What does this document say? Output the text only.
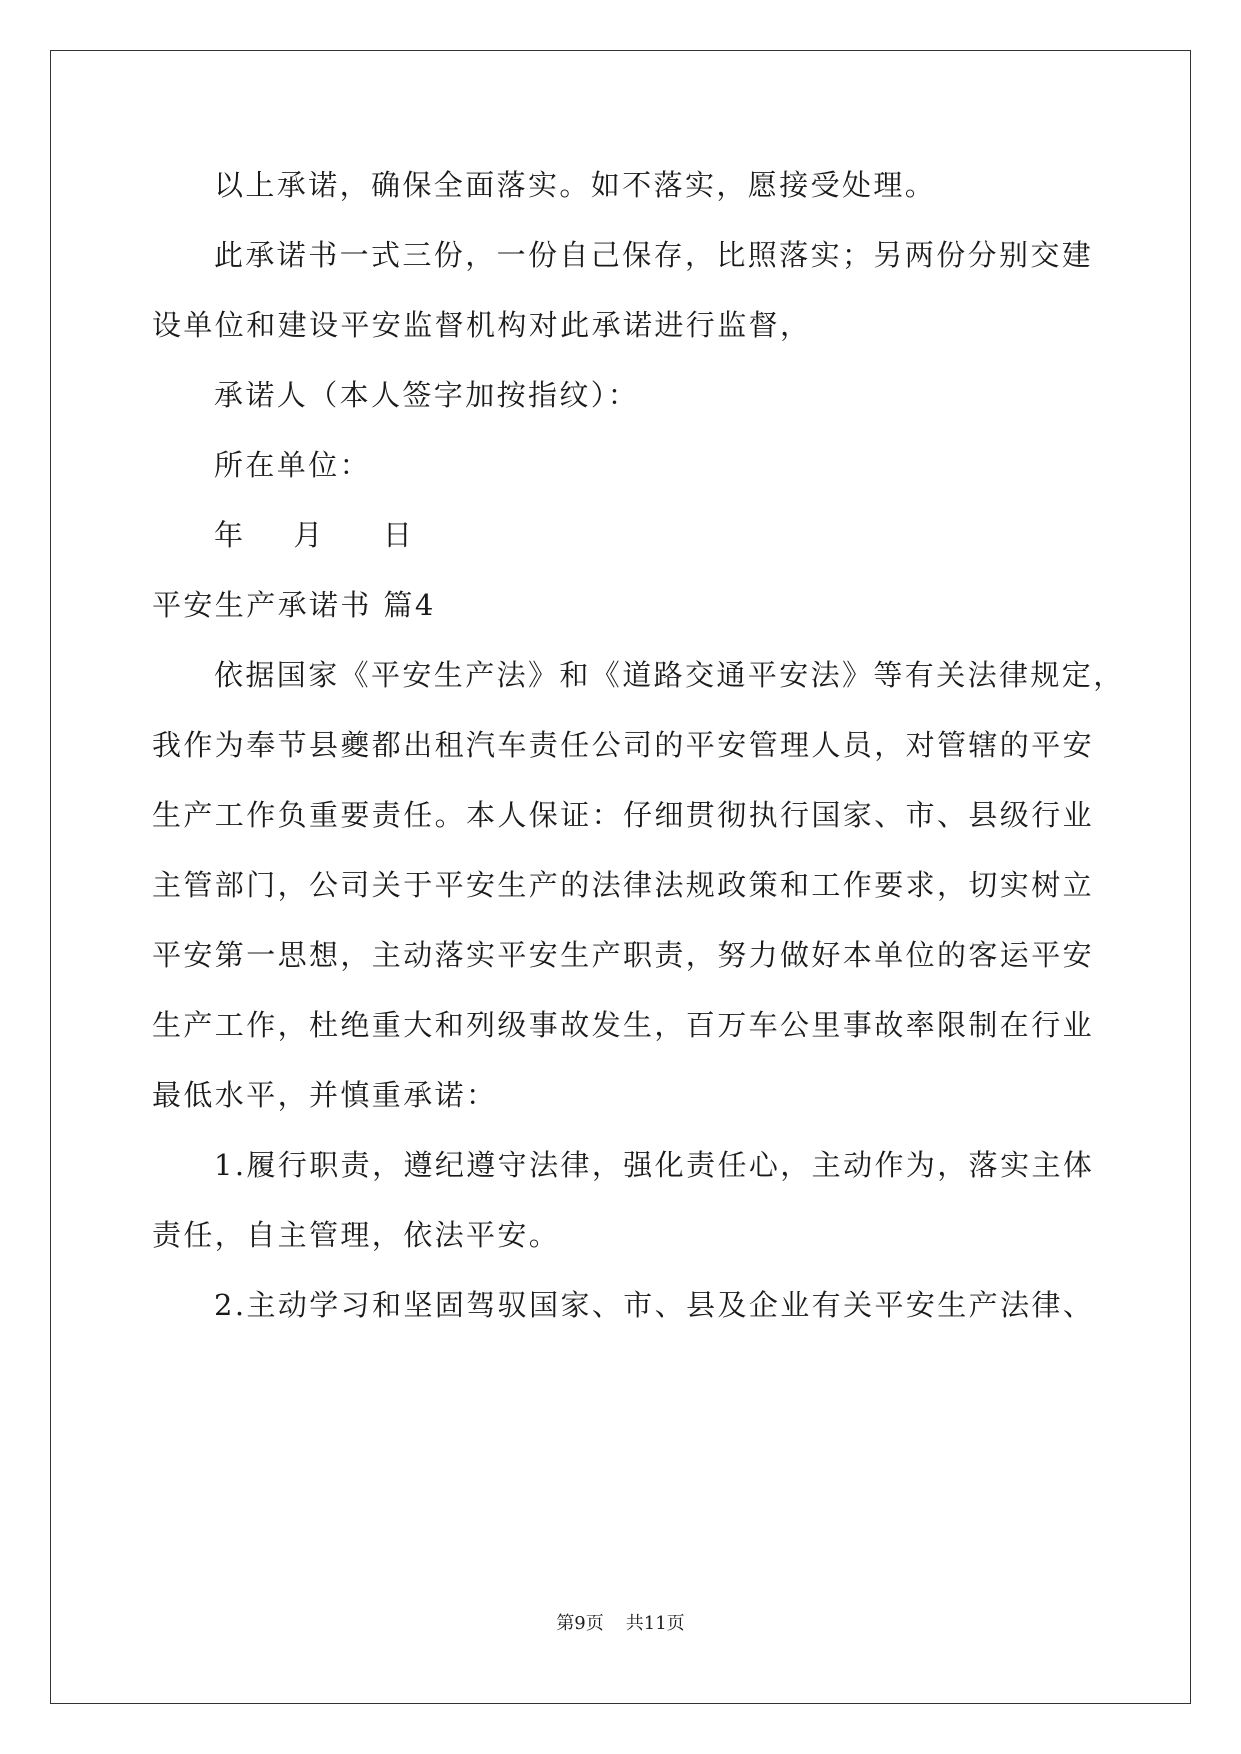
以上承诺，确保全面落实。如不落实，愿接受处理。
此承诺书一式三份，一份自己保存，比照落实；另两份分别交建
设单位和建设平安监督机构对此承诺进行监督，
承诺人（本人签字加按指纹）：
所在单位：
年 月 日
平安生产承诺书 篇4
依据国家《平安生产法》和《道路交通平安法》等有关法律规定，
我作为奉节县夔都出租汽车责任公司的平安管理人员，对管辖的平安
生产工作负重要责任。本人保证：仔细贯彻执行国家、市、县级行业
主管部门，公司关于平安生产的法律法规政策和工作要求，切实树立
平安第一思想，主动落实平安生产职责，努力做好本单位的客运平安
生产工作，杜绝重大和列级事故发生，百万车公里事故率限制在行业
最低水平，并慎重承诺：
1.履行职责，遵纪遵守法律，强化责任心，主动作为，落实主体
责任，自主管理，依法平安。
2.主动学习和坚固驾驭国家、市、县及企业有关平安生产法律、
第9页 共11页
